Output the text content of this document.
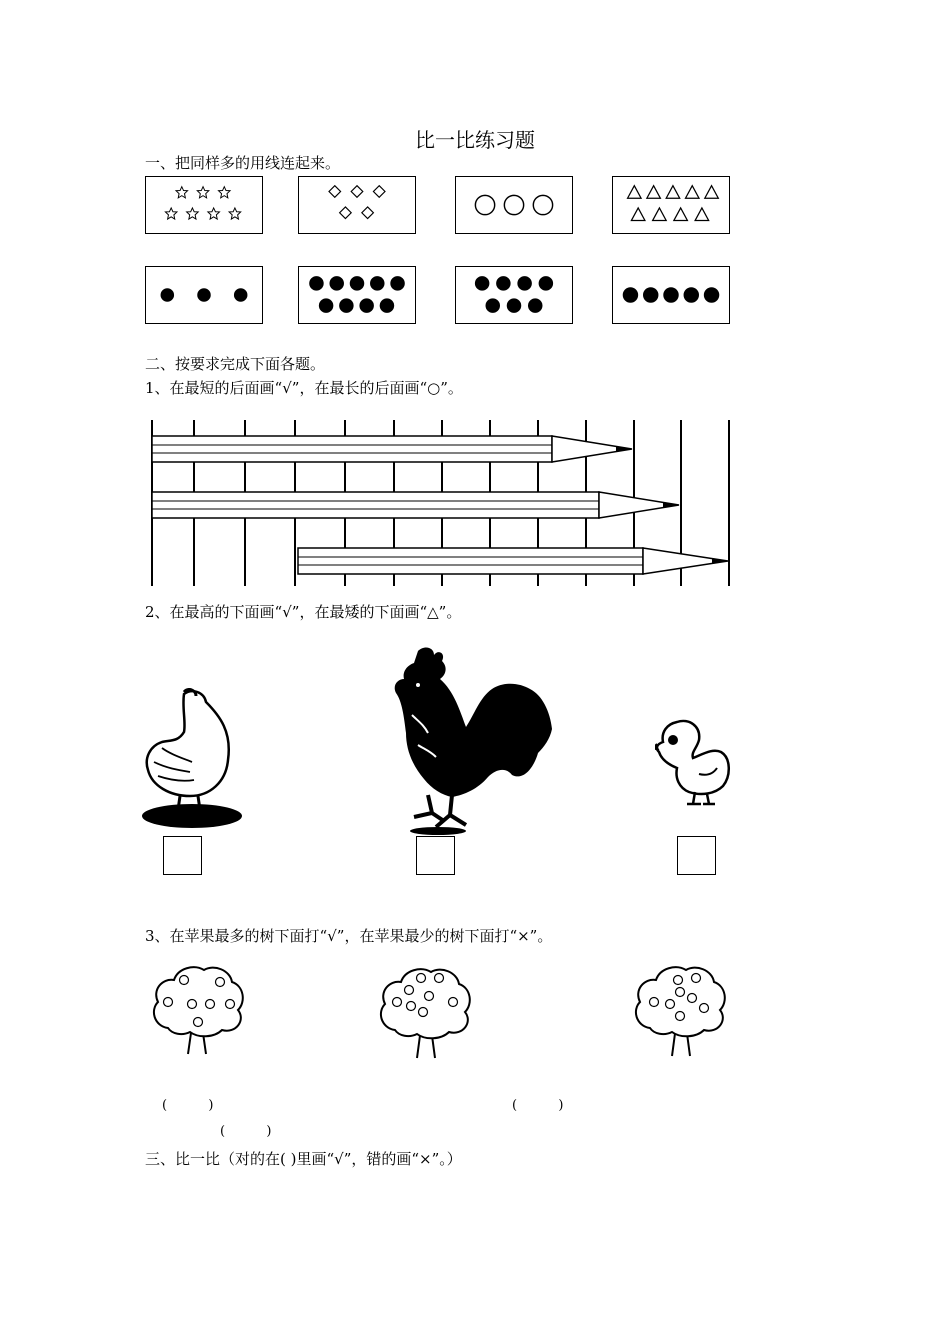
比一比练习题
一、把同样多的用线连起来。
二、按要求完成下面各题。
1、在最短的后面画“√”，在最长的后面画“○”。
2、在最高的下面画“√”，在最矮的下面画“△”。
3、在苹果最多的树下面打“√”，在苹果最少的树下面打“×”。
(          )	(          )
(          )
三、比一比（对的在( )里画“√”，错的画“×”。）
